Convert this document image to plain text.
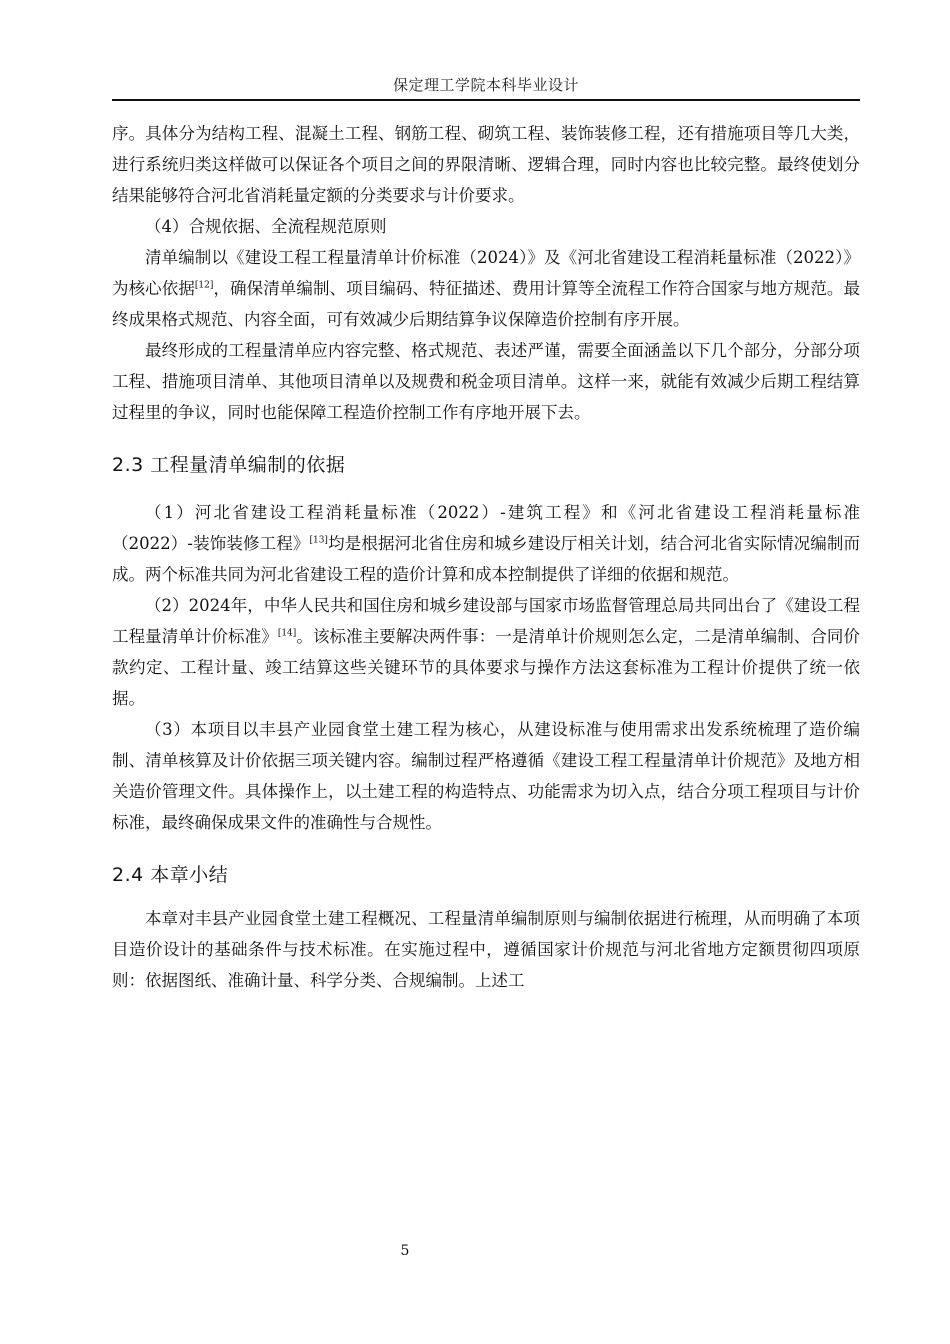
保定理工学院本科毕业设计

序。具体分为结构工程、混凝土工程、钢筋工程、砌筑工程、装饰装修工程，还有措施项目等几大类，进行系统归类这样做可以保证各个项目之间的界限清晰、逻辑合理，同时内容也比较完整。最终使划分结果能够符合河北省消耗量定额的分类要求与计价要求。

（4）合规依据、全流程规范原则

清单编制以《建设工程工程量清单计价标准（2024）》及《河北省建设工程消耗量标准（2022）》为核心依据[12]，确保清单编制、项目编码、特征描述、费用计算等全流程工作符合国家与地方规范。最终成果格式规范、内容全面，可有效减少后期结算争议保障造价控制有序开展。

最终形成的工程量清单应内容完整、格式规范、表述严谨，需要全面涵盖以下几个部分，分部分项工程、措施项目清单、其他项目清单以及规费和税金项目清单。这样一来，就能有效减少后期工程结算过程里的争议，同时也能保障工程造价控制工作有序地开展下去。

2.3 工程量清单编制的依据

（1）河北省建设工程消耗量标准（2022）-建筑工程》和《河北省建设工程消耗量标准（2022）-装饰装修工程》[13]均是根据河北省住房和城乡建设厅相关计划，结合河北省实际情况编制而成。两个标准共同为河北省建设工程的造价计算和成本控制提供了详细的依据和规范。

（2）2024年，中华人民共和国住房和城乡建设部与国家市场监督管理总局共同出台了《建设工程工程量清单计价标准》[14]。该标准主要解决两件事：一是清单计价规则怎么定，二是清单编制、合同价款约定、工程计量、竣工结算这些关键环节的具体要求与操作方法这套标准为工程计价提供了统一依据。

（3）本项目以丰县产业园食堂土建工程为核心，从建设标准与使用需求出发系统梳理了造价编制、清单核算及计价依据三项关键内容。编制过程严格遵循《建设工程工程量清单计价规范》及地方相关造价管理文件。具体操作上，以土建工程的构造特点、功能需求为切入点，结合分项工程项目与计价标准，最终确保成果文件的准确性与合规性。

2.4 本章小结

本章对丰县产业园食堂土建工程概况、工程量清单编制原则与编制依据进行梳理，从而明确了本项目造价设计的基础条件与技术标准。在实施过程中，遵循国家计价规范与河北省地方定额贯彻四项原则：依据图纸、准确计量、科学分类、合规编制。上述工

5
